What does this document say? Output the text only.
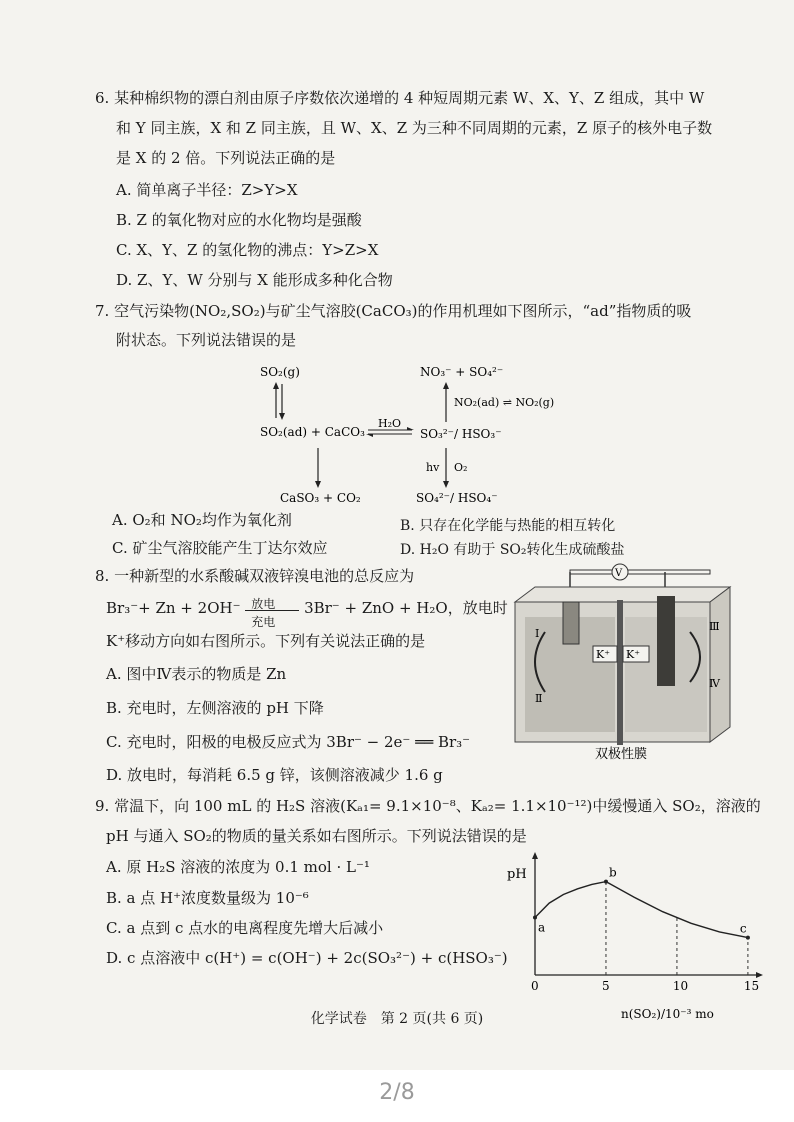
6. 某种棉织物的漂白剂由原子序数依次递增的 4 种短周期元素 W、X、Y、Z 组成，其中 W
和 Y 同主族，X 和 Z 同主族，且 W、X、Z 为三种不同周期的元素，Z 原子的核外电子数
是 X 的 2 倍。下列说法正确的是
A. 简单离子半径：Z>Y>X
B. Z 的氧化物对应的水化物均是强酸
C. X、Y、Z 的氢化物的沸点：Y>Z>X
D. Z、Y、W 分别与 X 能形成多种化合物
7. 空气污染物(NO₂,SO₂)与矿尘气溶胶(CaCO₃)的作用机理如下图所示，“ad”指物质的吸
附状态。下列说法错误的是
SO₂(g)
SO₂(ad) + CaCO₃
H₂O
CaSO₃ + CO₂
NO₃⁻ + SO₄²⁻
NO₂(ad) ⇌ NO₂(g)
SO₃²⁻/ HSO₃⁻
hv O₂
SO₄²⁻/ HSO₄⁻
A. O₂和 NO₂均作为氧化剂	B. 只存在化学能与热能的相互转化
C. 矿尘气溶胶能产生丁达尔效应	D. H₂O 有助于 SO₂转化生成硫酸盐
8. 一种新型的水系酸碱双液锌溴电池的总反应为
Br₃⁻+ Zn + 2OH⁻ 放电
充电
3Br⁻ + ZnO + H₂O，放电时
K⁺移动方向如右图所示。下列有关说法正确的是
A. 图中Ⅳ表示的物质是 Zn
B. 充电时，左侧溶液的 pH 下降
C. 充电时，阳极的电极反应式为 3Br⁻ − 2e⁻ ══ Br₃⁻
D. 放电时，每消耗 6.5 g 锌，该侧溶液减少 1.6 g
V
Ⅰ
Ⅱ
Ⅲ
Ⅳ
K⁺ K⁺
双极性膜
9. 常温下，向 100 mL 的 H₂S 溶液(Kₐ₁= 9.1×10⁻⁸、Kₐ₂= 1.1×10⁻¹²)中缓慢通入 SO₂，溶液的
pH 与通入 SO₂的物质的量关系如右图所示。下列说法错误的是
A. 原 H₂S 溶液的浓度为 0.1 mol · L⁻¹
B. a 点 H⁺浓度数量级为 10⁻⁶
C. a 点到 c 点水的电离程度先增大后减小
D. c 点溶液中 c(H⁺) = c(OH⁻) + 2c(SO₃²⁻) + c(HSO₃⁻)
pH
0	5	10	15
a
b
c
n(SO₂)/10⁻³ mo
化学试卷　第 2 页(共 6 页)
2/8
